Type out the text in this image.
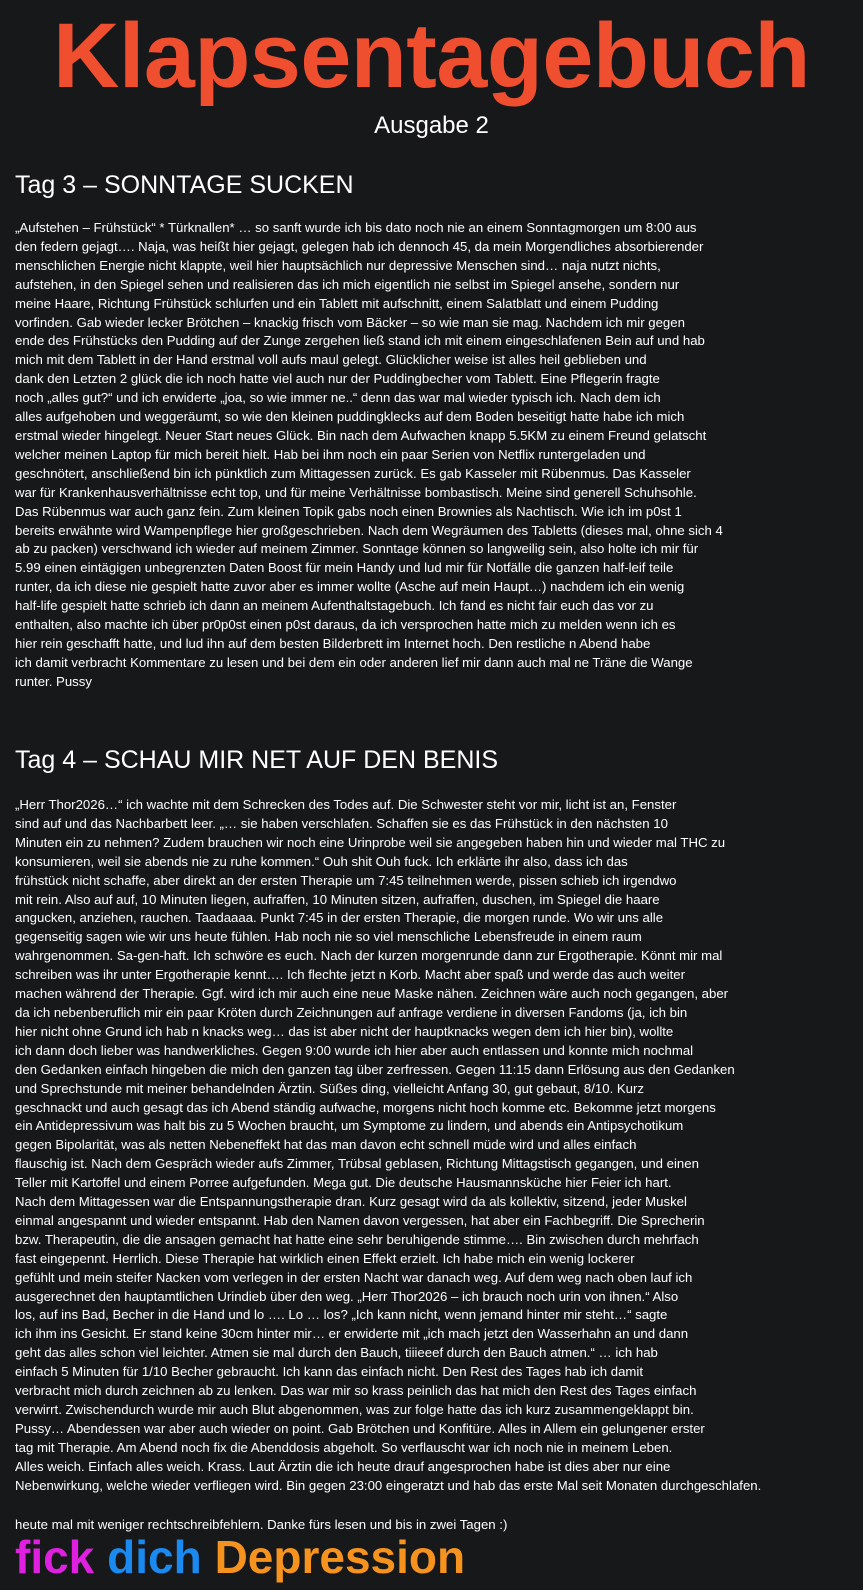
Klapsentagebuch
Ausgabe 2
Tag 3 – SONNTAGE SUCKEN
„Aufstehen – Frühstück“ * Türknallen* … so sanft wurde ich bis dato noch nie an einem Sonntagmorgen um 8:00 aus
den federn gejagt…. Naja, was heißt hier gejagt, gelegen hab ich dennoch 45, da mein Morgendliches absorbierender
menschlichen Energie nicht klappte, weil hier hauptsächlich nur depressive Menschen sind… naja nutzt nichts,
aufstehen, in den Spiegel sehen und realisieren das ich mich eigentlich nie selbst im Spiegel ansehe, sondern nur
meine Haare, Richtung Frühstück schlurfen und ein Tablett mit aufschnitt, einem Salatblatt und einem Pudding
vorfinden. Gab wieder lecker Brötchen – knackig frisch vom Bäcker – so wie man sie mag. Nachdem ich mir gegen
ende des Frühstücks den Pudding auf der Zunge zergehen ließ stand ich mit einem eingeschlafenen Bein auf und hab
mich mit dem Tablett in der Hand erstmal voll aufs maul gelegt. Glücklicher weise ist alles heil geblieben und
dank den Letzten 2 glück die ich noch hatte viel auch nur der Puddingbecher vom Tablett. Eine Pflegerin fragte
noch „alles gut?“ und ich erwiderte „joa, so wie immer ne..“ denn das war mal wieder typisch ich. Nach dem ich
alles aufgehoben und weggeräumt, so wie den kleinen puddingklecks auf dem Boden beseitigt hatte habe ich mich
erstmal wieder hingelegt. Neuer Start neues Glück. Bin nach dem Aufwachen knapp 5.5KM zu einem Freund gelatscht
welcher meinen Laptop für mich bereit hielt. Hab bei ihm noch ein paar Serien von Netflix runtergeladen und
geschnötert, anschließend bin ich pünktlich zum Mittagessen zurück. Es gab Kasseler mit Rübenmus. Das Kasseler
war für Krankenhausverhältnisse echt top, und für meine Verhältnisse bombastisch. Meine sind generell Schuhsohle.
Das Rübenmus war auch ganz fein. Zum kleinen Topik gabs noch einen Brownies als Nachtisch. Wie ich im p0st 1
bereits erwähnte wird Wampenpflege hier großgeschrieben. Nach dem Wegräumen des Tabletts (dieses mal, ohne sich 4
ab zu packen) verschwand ich wieder auf meinem Zimmer. Sonntage können so langweilig sein, also holte ich mir für
5.99 einen eintägigen unbegrenzten Daten Boost für mein Handy und lud mir für Notfälle die ganzen half-leif teile
runter, da ich diese nie gespielt hatte zuvor aber es immer wollte (Asche auf mein Haupt…) nachdem ich ein wenig
half-life gespielt hatte schrieb ich dann an meinem Aufenthaltstagebuch. Ich fand es nicht fair euch das vor zu
enthalten, also machte ich über pr0p0st einen p0st daraus, da ich versprochen hatte mich zu melden wenn ich es
hier rein geschafft hatte, und lud ihn auf dem besten Bilderbrett im Internet hoch. Den restliche n Abend habe
ich damit verbracht Kommentare zu lesen und bei dem ein oder anderen lief mir dann auch mal ne Träne die Wange
runter. Pussy
Tag 4 – SCHAU MIR NET AUF DEN BENIS
„Herr Thor2026…“ ich wachte mit dem Schrecken des Todes auf. Die Schwester steht vor mir, licht ist an, Fenster
sind auf und das Nachbarbett leer. „… sie haben verschlafen. Schaffen sie es das Frühstück in den nächsten 10
Minuten ein zu nehmen? Zudem brauchen wir noch eine Urinprobe weil sie angegeben haben hin und wieder mal THC zu
konsumieren, weil sie abends nie zu ruhe kommen.“ Ouh shit Ouh fuck. Ich erklärte ihr also, dass ich das
frühstück nicht schaffe, aber direkt an der ersten Therapie um 7:45 teilnehmen werde, pissen schieb ich irgendwo
mit rein. Also auf auf, 10 Minuten liegen, aufraffen, 10 Minuten sitzen, aufraffen, duschen, im Spiegel die haare
angucken, anziehen, rauchen. Taadaaaa. Punkt 7:45 in der ersten Therapie, die morgen runde. Wo wir uns alle
gegenseitig sagen wie wir uns heute fühlen. Hab noch nie so viel menschliche Lebensfreude in einem raum
wahrgenommen. Sa-gen-haft. Ich schwöre es euch. Nach der kurzen morgenrunde dann zur Ergotherapie. Könnt mir mal
schreiben was ihr unter Ergotherapie kennt…. Ich flechte jetzt n Korb. Macht aber spaß und werde das auch weiter
machen während der Therapie. Ggf. wird ich mir auch eine neue Maske nähen. Zeichnen wäre auch noch gegangen, aber
da ich nebenberuflich mir ein paar Kröten durch Zeichnungen auf anfrage verdiene in diversen Fandoms (ja, ich bin
hier nicht ohne Grund ich hab n knacks weg… das ist aber nicht der hauptknacks wegen dem ich hier bin), wollte
ich dann doch lieber was handwerkliches. Gegen 9:00 wurde ich hier aber auch entlassen und konnte mich nochmal
den Gedanken einfach hingeben die mich den ganzen tag über zerfressen. Gegen 11:15 dann Erlösung aus den Gedanken
und Sprechstunde mit meiner behandelnden Ärztin. Süßes ding, vielleicht Anfang 30, gut gebaut, 8/10. Kurz
geschnackt und auch gesagt das ich Abend ständig aufwache, morgens nicht hoch komme etc. Bekomme jetzt morgens
ein Antidepressivum was halt bis zu 5 Wochen braucht, um Symptome zu lindern, und abends ein Antipsychotikum
gegen Bipolarität, was als netten Nebeneffekt hat das man davon echt schnell müde wird und alles einfach
flauschig ist. Nach dem Gespräch wieder aufs Zimmer, Trübsal geblasen, Richtung Mittagstisch gegangen, und einen
Teller mit Kartoffel und einem Porree aufgefunden. Mega gut. Die deutsche Hausmannsküche hier Feier ich hart.
Nach dem Mittagessen war die Entspannungstherapie dran. Kurz gesagt wird da als kollektiv, sitzend, jeder Muskel
einmal angespannt und wieder entspannt. Hab den Namen davon vergessen, hat aber ein Fachbegriff. Die Sprecherin
bzw. Therapeutin, die die ansagen gemacht hat hatte eine sehr beruhigende stimme…. Bin zwischen durch mehrfach
fast eingepennt. Herrlich. Diese Therapie hat wirklich einen Effekt erzielt. Ich habe mich ein wenig lockerer
gefühlt und mein steifer Nacken vom verlegen in der ersten Nacht war danach weg. Auf dem weg nach oben lauf ich
ausgerechnet den hauptamtlichen Urindieb über den weg. „Herr Thor2026 – ich brauch noch urin von ihnen.“ Also
los, auf ins Bad, Becher in die Hand und lo …. Lo … los? „Ich kann nicht, wenn jemand hinter mir steht…“ sagte
ich ihm ins Gesicht. Er stand keine 30cm hinter mir… er erwiderte mit „ich mach jetzt den Wasserhahn an und dann
geht das alles schon viel leichter. Atmen sie mal durch den Bauch, tiiieeef durch den Bauch atmen.“ … ich hab
einfach 5 Minuten für 1/10 Becher gebraucht. Ich kann das einfach nicht. Den Rest des Tages hab ich damit
verbracht mich durch zeichnen ab zu lenken. Das war mir so krass peinlich das hat mich den Rest des Tages einfach
verwirrt. Zwischendurch wurde mir auch Blut abgenommen, was zur folge hatte das ich kurz zusammengeklappt bin.
Pussy… Abendessen war aber auch wieder on point. Gab Brötchen und Konfitüre. Alles in Allem ein gelungener erster
tag mit Therapie. Am Abend noch fix die Abenddosis abgeholt. So verflauscht war ich noch nie in meinem Leben.
Alles weich. Einfach alles weich. Krass. Laut Ärztin die ich heute drauf angesprochen habe ist dies aber nur eine
Nebenwirkung, welche wieder verfliegen wird. Bin gegen 23:00 eingeratzt und hab das erste Mal seit Monaten durchgeschlafen.
heute mal mit weniger rechtschreibfehlern. Danke fürs lesen und bis in zwei Tagen :)
fick dich Depression
